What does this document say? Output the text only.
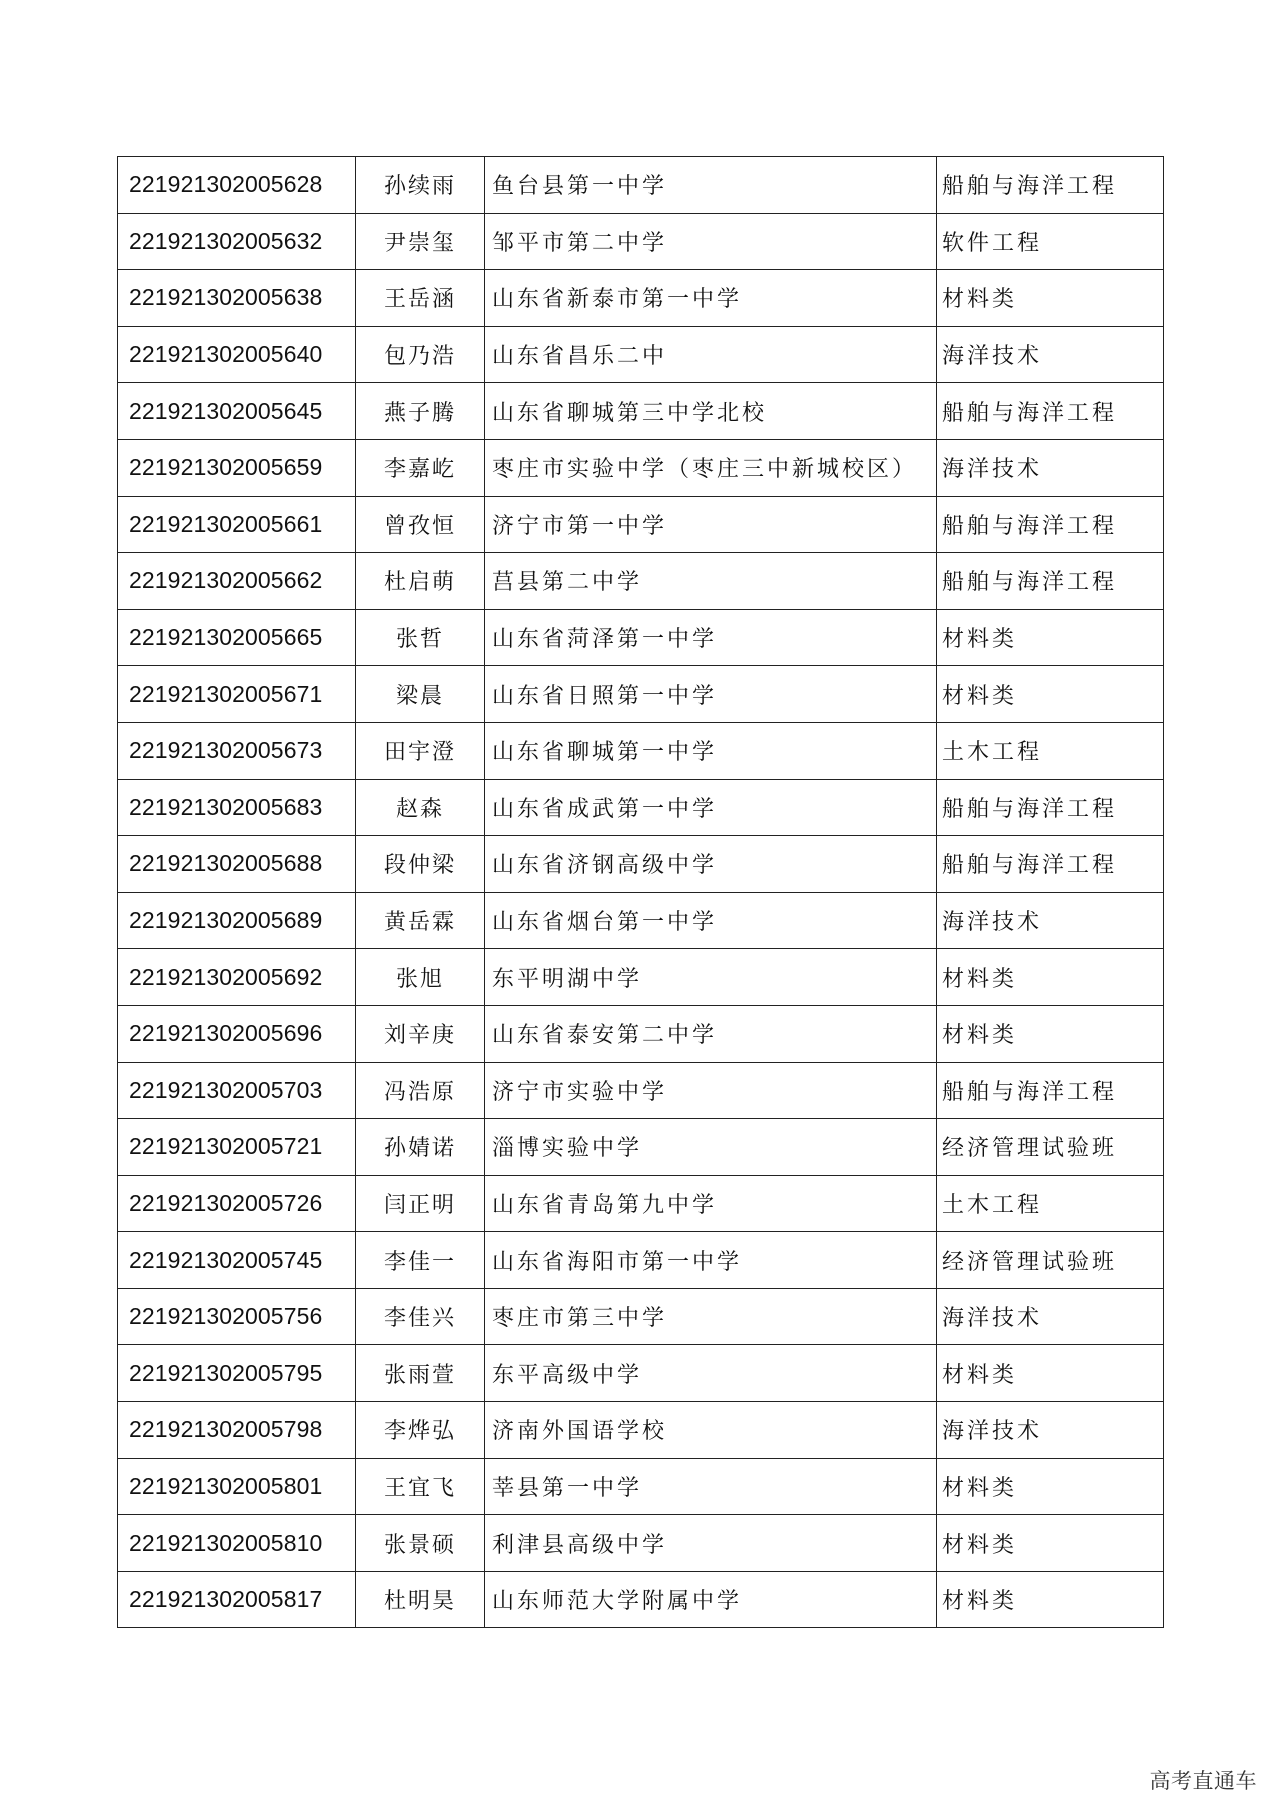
221921302005628	孙续雨	鱼台县第一中学	船舶与海洋工程
221921302005632	尹崇玺	邹平市第二中学	软件工程
221921302005638	王岳涵	山东省新泰市第一中学	材料类
221921302005640	包乃浩	山东省昌乐二中	海洋技术
221921302005645	燕子腾	山东省聊城第三中学北校	船舶与海洋工程
221921302005659	李嘉屹	枣庄市实验中学（枣庄三中新城校区）	海洋技术
221921302005661	曾孜恒	济宁市第一中学	船舶与海洋工程
221921302005662	杜启萌	莒县第二中学	船舶与海洋工程
221921302005665	张哲	山东省菏泽第一中学	材料类
221921302005671	梁晨	山东省日照第一中学	材料类
221921302005673	田宇澄	山东省聊城第一中学	土木工程
221921302005683	赵森	山东省成武第一中学	船舶与海洋工程
221921302005688	段仲梁	山东省济钢高级中学	船舶与海洋工程
221921302005689	黄岳霖	山东省烟台第一中学	海洋技术
221921302005692	张旭	东平明湖中学	材料类
221921302005696	刘辛庚	山东省泰安第二中学	材料类
221921302005703	冯浩原	济宁市实验中学	船舶与海洋工程
221921302005721	孙婧诺	淄博实验中学	经济管理试验班
221921302005726	闫正明	山东省青岛第九中学	土木工程
221921302005745	李佳一	山东省海阳市第一中学	经济管理试验班
221921302005756	李佳兴	枣庄市第三中学	海洋技术
221921302005795	张雨萱	东平高级中学	材料类
221921302005798	李烨弘	济南外国语学校	海洋技术
221921302005801	王宜飞	莘县第一中学	材料类
221921302005810	张景硕	利津县高级中学	材料类
221921302005817	杜明昊	山东师范大学附属中学	材料类
高考直通车
